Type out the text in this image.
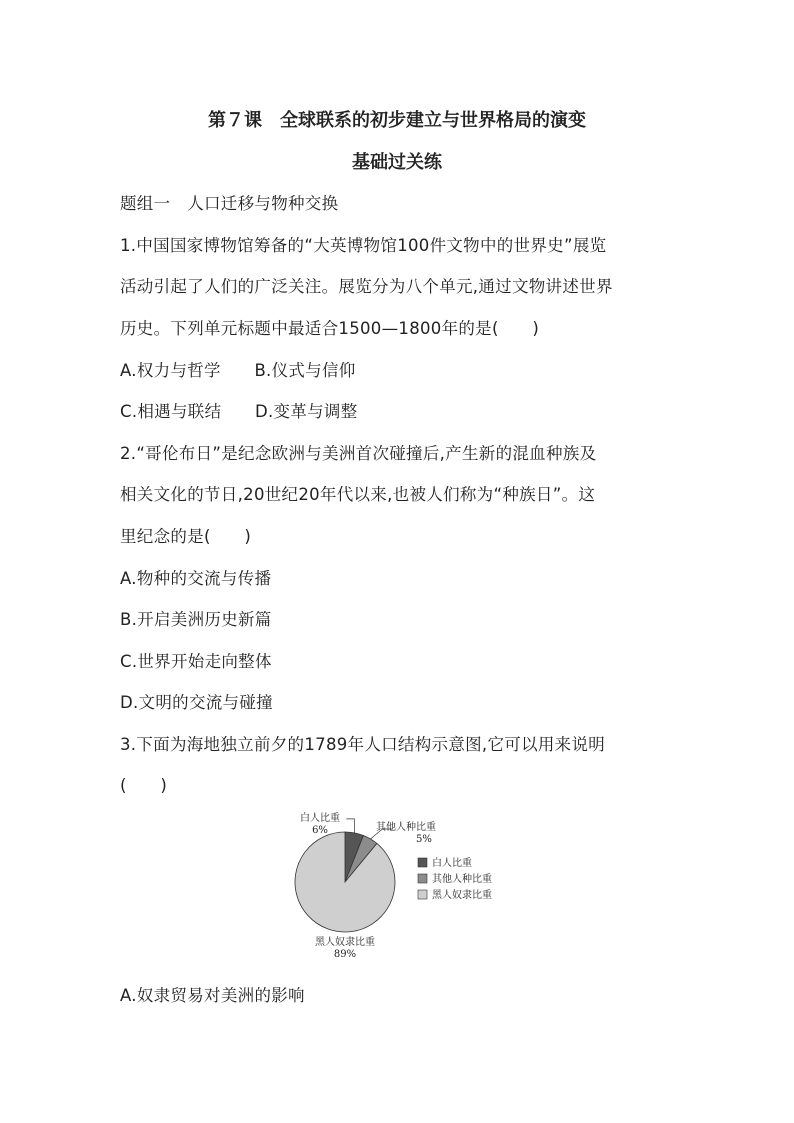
第７课　全球联系的初步建立与世界格局的演变
基础过关练
题组一　人口迁移与物种交换
1.中国国家博物馆筹备的“大英博物馆100件文物中的世界史”展览
活动引起了人们的广泛关注。展览分为八个单元,通过文物讲述世界
历史。下列单元标题中最适合1500—1800年的是(　　)
A.权力与哲学　　B.仪式与信仰
C.相遇与联结　　D.变革与调整
2.“哥伦布日”是纪念欧洲与美洲首次碰撞后,产生新的混血种族及
相关文化的节日,20世纪20年代以来,也被人们称为“种族日”。这
里纪念的是(　　)
A.物种的交流与传播
B.开启美洲历史新篇
C.世界开始走向整体
D.文明的交流与碰撞
3.下面为海地独立前夕的1789年人口结构示意图,它可以用来说明
(　　)
白人比重
6%	其他人种比重
5%
黑人奴隶比重
89%
白人比重
其他人种比重
黑人奴隶比重
A.奴隶贸易对美洲的影响
